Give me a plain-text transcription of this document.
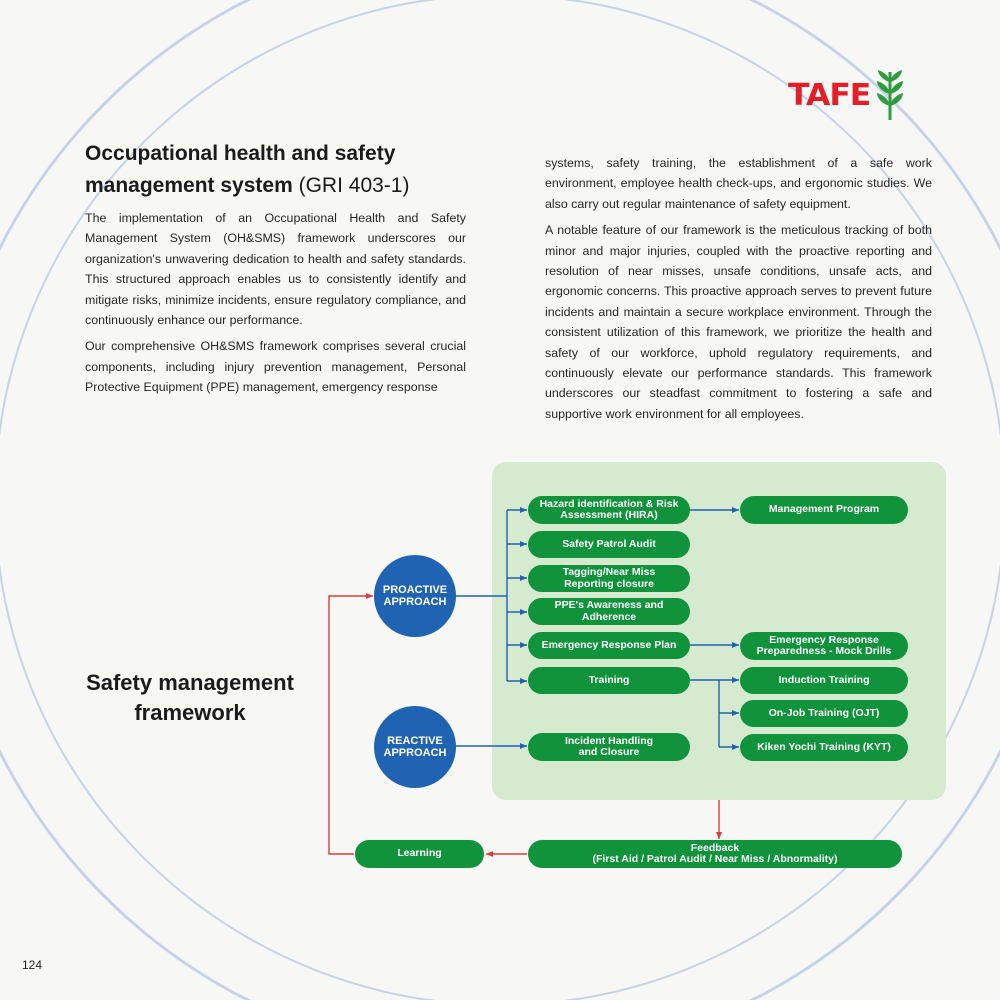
TAFE
Occupational health and safety
management system (GRI 403-1)

The implementation of an Occupational Health and Safety Management System (OH&SMS) framework underscores our organization's unwavering dedication to health and safety standards. This structured approach enables us to consistently identify and mitigate risks, minimize incidents, ensure regulatory compliance, and continuously enhance our performance.

Our comprehensive OH&SMS framework comprises several crucial components, including injury prevention management, Personal Protective Equipment (PPE) management, emergency response

systems, safety training, the establishment of a safe work environment, employee health check-ups, and ergonomic studies. We also carry out regular maintenance of safety equipment.

A notable feature of our framework is the meticulous tracking of both minor and major injuries, coupled with the proactive reporting and resolution of near misses, unsafe conditions, unsafe acts, and ergonomic concerns. This proactive approach serves to prevent future incidents and maintain a secure workplace environment. Through the consistent utilization of this framework, we prioritize the health and safety of our workforce, uphold regulatory requirements, and continuously elevate our performance standards. This framework underscores our steadfast commitment to fostering a safe and supportive work environment for all employees.

PROACTIVE
APPROACH
REACTIVE
APPROACH
Hazard identification & Risk
Assessment (HIRA)	Management Program
Safety Patrol Audit
Tagging/Near Miss
Reporting closure
PPE's Awareness and
Adherence
Emergency Response Plan	Emergency Response
Preparedness - Mock Drills
Training	Induction Training
On-Job Training (OJT)
Kiken Yochi Training (KYT)
Incident Handling
and Closure
Feedback
(First Aid / Patrol Audit / Near Miss / Abnormality)
Learning
Safety management
framework
124
